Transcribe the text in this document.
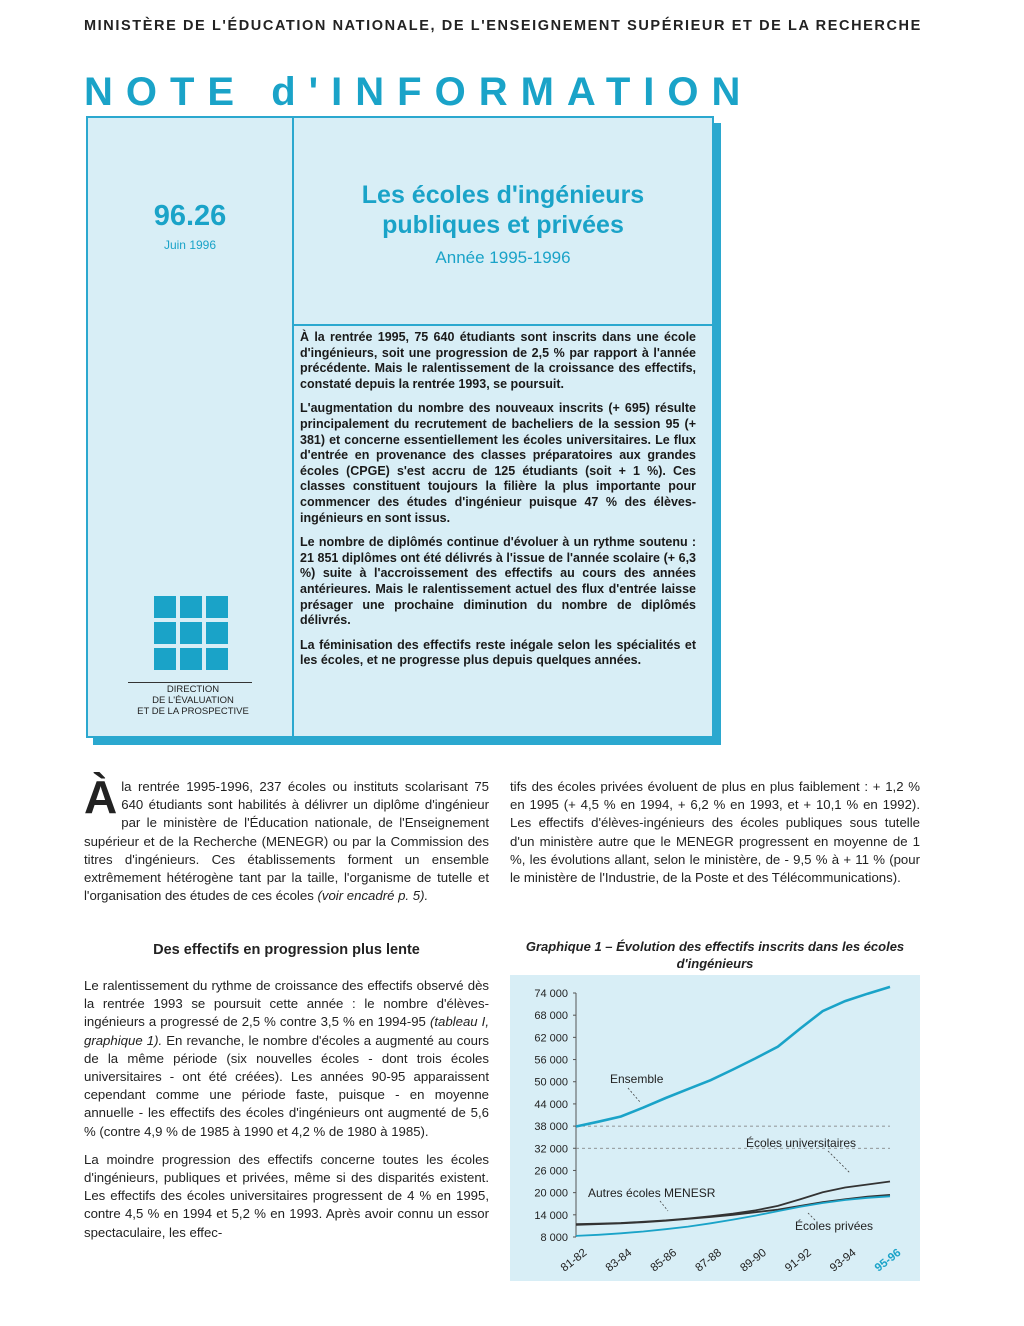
MINISTÈRE DE L'ÉDUCATION NATIONALE, DE L'ENSEIGNEMENT SUPÉRIEUR ET DE LA RECHERCHE
NOTE d'INFORMATION
Les écoles d'ingénieurs
publiques et privées
Année 1995-1996
96.26
Juin 1996
DIRECTION
DE L'ÉVALUATION
ET DE LA PROSPECTIVE

À la rentrée 1995, 75 640 étudiants sont inscrits dans une école d'ingénieurs, soit une progression de 2,5 % par rapport à l'année précédente. Mais le ralentissement de la croissance des effectifs, constaté depuis la rentrée 1993, se poursuit.

L'augmentation du nombre des nouveaux inscrits (+ 695) résulte principalement du recrutement de bacheliers de la session 95 (+ 381) et concerne essentiellement les écoles universitaires. Le flux d'entrée en provenance des classes préparatoires aux grandes écoles (CPGE) s'est accru de 125 étudiants (soit + 1 %). Ces classes constituent toujours la filière la plus importante pour commencer des études d'ingénieur puisque 47 % des élèves-ingénieurs en sont issus.

Le nombre de diplômés continue d'évoluer à un rythme soutenu : 21 851 diplômes ont été délivrés à l'issue de l'année scolaire (+ 6,3 %) suite à l'accroissement des effectifs au cours des années antérieures. Mais le ralentissement actuel des flux d'entrée laisse présager une prochaine diminution du nombre de diplômés délivrés.

La féminisation des effectifs reste inégale selon les spécialités et les écoles, et ne progresse plus depuis quelques années.

À la rentrée 1995-1996, 237 écoles ou instituts scolarisant 75 640 étudiants sont habilités à délivrer un diplôme d'ingénieur par le ministère de l'Éducation nationale, de l'Enseignement supérieur et de la Recherche (MENEGR) ou par la Commission des titres d'ingénieurs. Ces établissements forment un ensemble extrêmement hétérogène tant par la taille, l'organisme de tutelle et l'organisation des études de ces écoles (voir encadré p. 5).
Des effectifs en progression plus lente

Le ralentissement du rythme de croissance des effectifs observé dès la rentrée 1993 se poursuit cette année : le nombre d'élèves-ingénieurs a progressé de 2,5 % contre 3,5 % en 1994-95 (tableau I, graphique 1). En revanche, le nombre d'écoles a augmenté au cours de la même période (six nouvelles écoles - dont trois écoles universitaires - ont été créées). Les années 90-95 apparaissent cependant comme une période faste, puisque - en moyenne annuelle - les effectifs des écoles d'ingénieurs ont augmenté de 5,6 % (contre 4,9 % de 1985 à 1990 et 4,2 % de 1980 à 1985).

La moindre progression des effectifs concerne toutes les écoles d'ingénieurs, publiques et privées, même si des disparités existent. Les effectifs des écoles universitaires progressent de 4 % en 1995, contre 4,5 % en 1994 et 5,2 % en 1993. Après avoir connu un essor spectaculaire, les effec-

tifs des écoles privées évoluent de plus en plus faiblement : + 1,2 % en 1995 (+ 4,5 % en 1994, + 6,2 % en 1993, et + 10,1 % en 1992). Les effectifs d'élèves-ingénieurs des écoles publiques sous tutelle d'un ministère autre que le MENEGR progressent en moyenne de 1 %, les évolutions allant, selon le ministère, de - 9,5 % à + 11 % (pour le ministère de l'Industrie, de la Poste et des Télécommunications).

Graphique 1 – Évolution des effectifs inscrits dans les écoles d'ingénieurs
74 000
68 000
62 000
56 000
50 000
44 000
38 000
32 000
26 000
20 000
14 000
8 000
81-82 83-84 85-86 87-88 89-90 91-92 93-94 95-96
Ensemble
Écoles universitaires
Autres écoles MENESR
Écoles privées
